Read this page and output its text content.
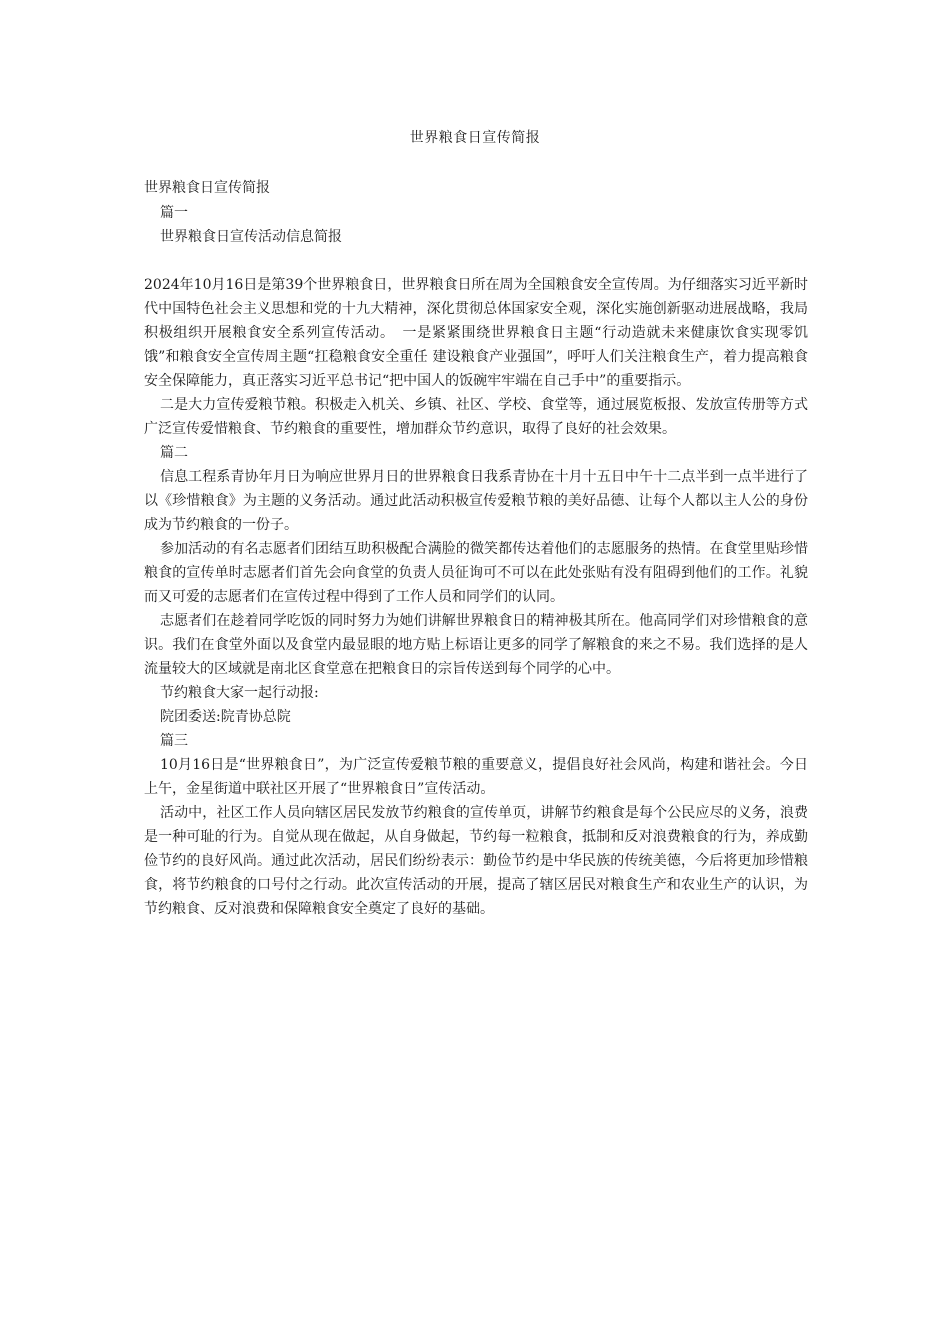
世界粮食日宣传简报

世界粮食日宣传简报

篇一

世界粮食日宣传活动信息简报

2024年10月16日是第39个世界粮食日，世界粮食日所在周为全国粮食安全宣传周。为仔细落实习近平新时代中国特色社会主义思想和党的十九大精神，深化贯彻总体国家安全观，深化实施创新驱动进展战略，我局积极组织开展粮食安全系列宣传活动。　一是紧紧围绕世界粮食日主题“行动造就未来健康饮食实现零饥饿”和粮食安全宣传周主题“扛稳粮食安全重任 建设粮食产业强国”，呼吁人们关注粮食生产，着力提高粮食安全保障能力，真正落实习近平总书记“把中国人的饭碗牢牢端在自己手中”的重要指示。

二是大力宣传爱粮节粮。积极走入机关、乡镇、社区、学校、食堂等，通过展览板报、发放宣传册等方式广泛宣传爱惜粮食、节约粮食的重要性，增加群众节约意识，取得了良好的社会效果。

篇二

信息工程系青协年月日为响应世界月日的世界粮食日我系青协在十月十五日中午十二点半到一点半进行了以《珍惜粮食》为主题的义务活动。通过此活动积极宣传爱粮节粮的美好品德、让每个人都以主人公的身份成为节约粮食的一份子。

参加活动的有名志愿者们团结互助积极配合满脸的微笑都传达着他们的志愿服务的热情。在食堂里贴珍惜粮食的宣传单时志愿者们首先会向食堂的负责人员征询可不可以在此处张贴有没有阻碍到他们的工作。礼貌而又可爱的志愿者们在宣传过程中得到了工作人员和同学们的认同。

志愿者们在趁着同学吃饭的同时努力为她们讲解世界粮食日的精神极其所在。他高同学们对珍惜粮食的意识。我们在食堂外面以及食堂内最显眼的地方贴上标语让更多的同学了解粮食的来之不易。我们选择的是人流量较大的区域就是南北区食堂意在把粮食日的宗旨传送到每个同学的心中。

节约粮食大家一起行动报:

院团委送:院青协总院

篇三

10月16日是“世界粮食日”，为广泛宣传爱粮节粮的重要意义，提倡良好社会风尚，构建和谐社会。今日上午，金星街道中联社区开展了“世界粮食日”宣传活动。

活动中，社区工作人员向辖区居民发放节约粮食的宣传单页，讲解节约粮食是每个公民应尽的义务，浪费是一种可耻的行为。自觉从现在做起，从自身做起，节约每一粒粮食，抵制和反对浪费粮食的行为，养成勤俭节约的良好风尚。通过此次活动，居民们纷纷表示：勤俭节约是中华民族的传统美德，今后将更加珍惜粮食，将节约粮食的口号付之行动。此次宣传活动的开展，提高了辖区居民对粮食生产和农业生产的认识，为节约粮食、反对浪费和保障粮食安全奠定了良好的基础。
